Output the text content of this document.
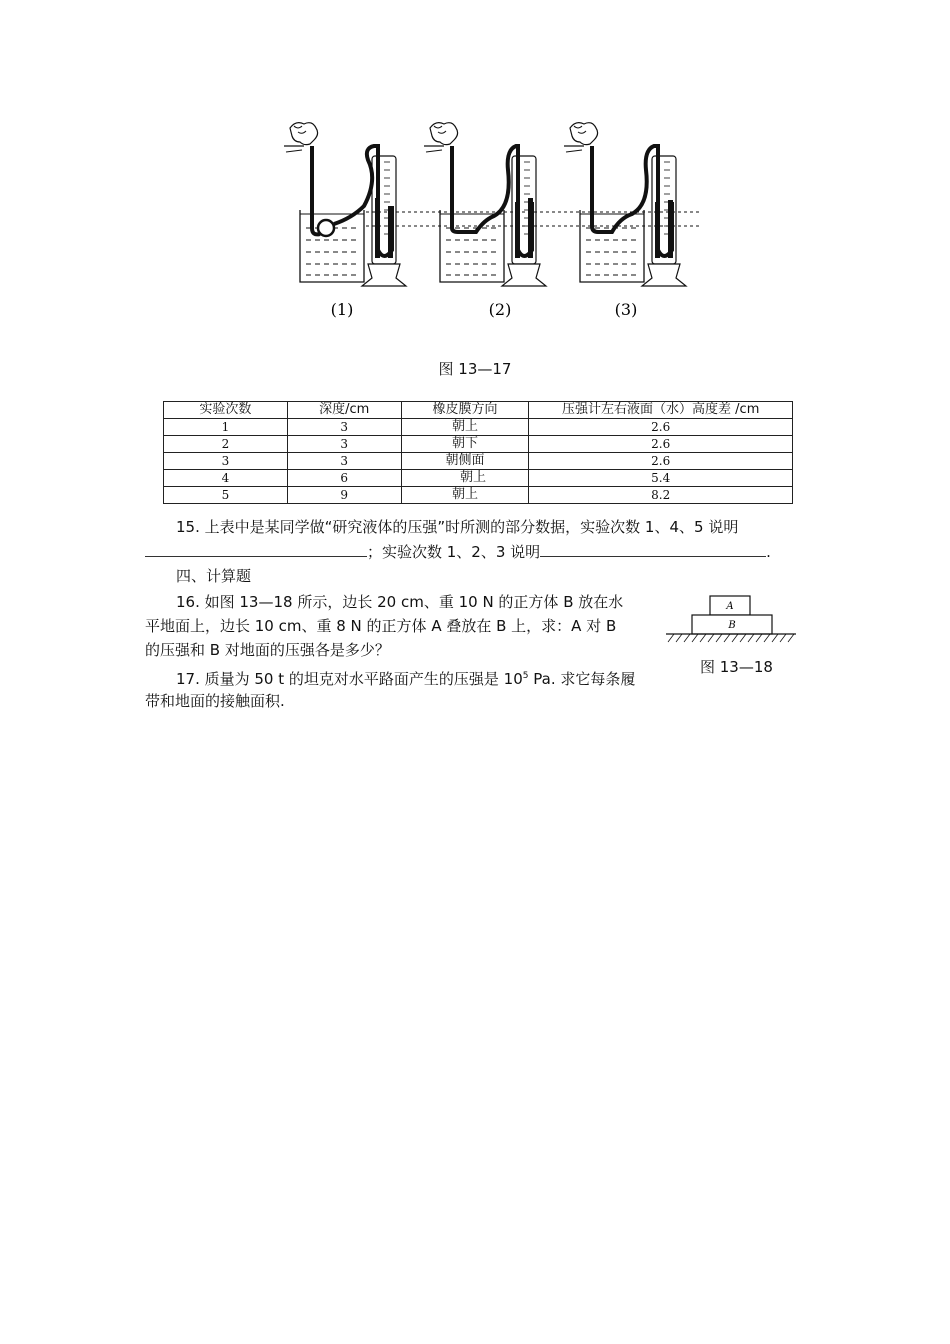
(1)	(2)	(3)
图 13—17
实验次数	深度/cm	橡皮膜方向	压强计左右液面（水）高度差 /cm
1	3	朝上	2.6
2	3	朝下	2.6
3	3	朝侧面	2.6
4	6	朝上	5.4
5	9	朝上	8.2
15. 上表中是某同学做“研究液体的压强”时所测的部分数据，实验次数 1、4、5 说明
；实验次数 1、2、3 说明	.
四、计算题
16. 如图 13—18 所示，边长 20 cm、重 10 N 的正方体 B 放在水
平地面上，边长 10 cm、重 8 N 的正方体 A 叠放在 B 上，求：A 对 B
的压强和 B 对地面的压强各是多少？
17. 质量为 50 t 的坦克对水平路面产生的压强是 $10^5$ Pa. 求它每条履
带和地面的接触面积.
A
B
图 13—18
